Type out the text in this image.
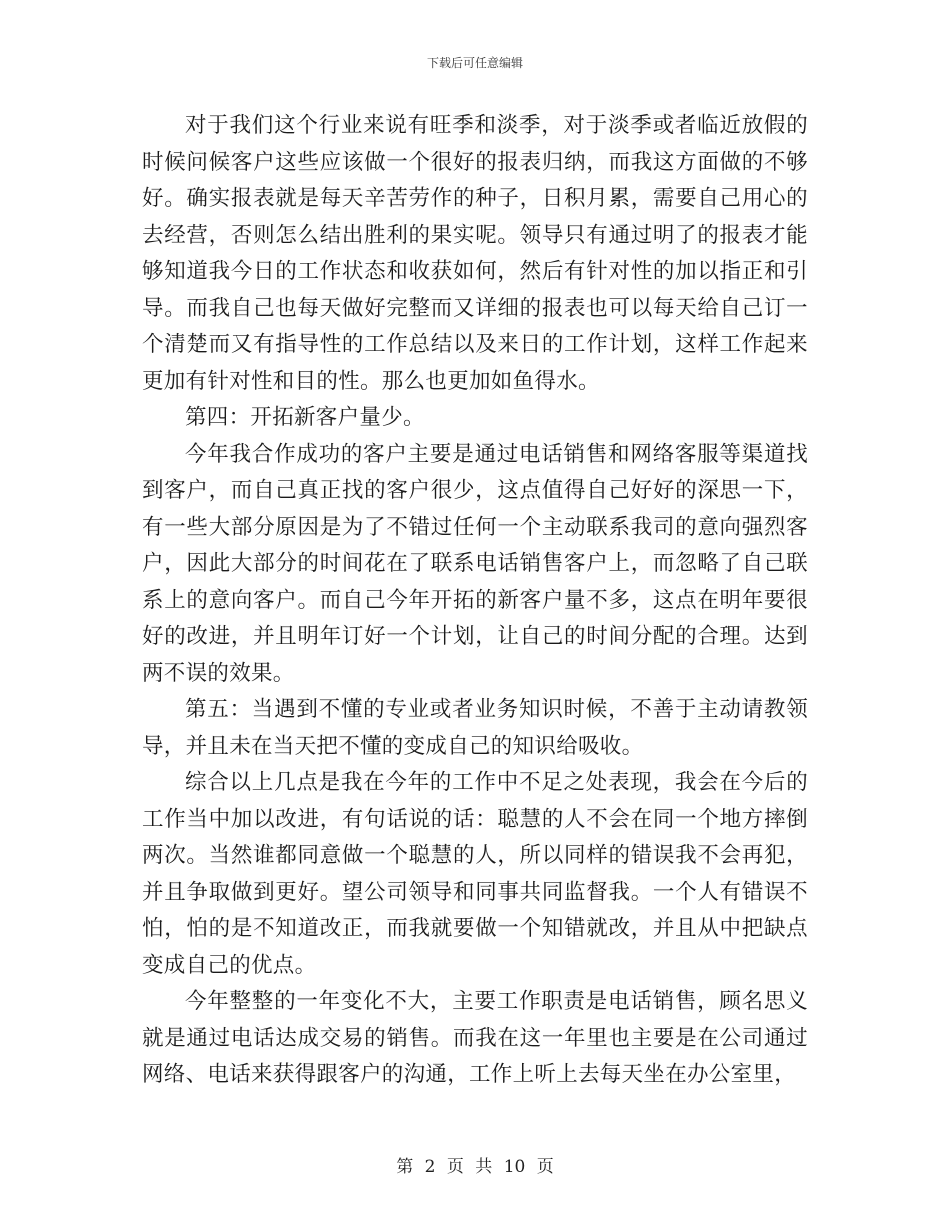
下载后可任意编辑

对于我们这个行业来说有旺季和淡季，对于淡季或者临近放假的时候问候客户这些应该做一个很好的报表归纳，而我这方面做的不够好。确实报表就是每天辛苦劳作的种子，日积月累，需要自己用心的去经营，否则怎么结出胜利的果实呢。领导只有通过明了的报表才能够知道我今日的工作状态和收获如何，然后有针对性的加以指正和引导。而我自己也每天做好完整而又详细的报表也可以每天给自己订一个清楚而又有指导性的工作总结以及来日的工作计划，这样工作起来更加有针对性和目的性。那么也更加如鱼得水。

第四：开拓新客户量少。

今年我合作成功的客户主要是通过电话销售和网络客服等渠道找到客户，而自己真正找的客户很少，这点值得自己好好的深思一下，有一些大部分原因是为了不错过任何一个主动联系我司的意向强烈客户，因此大部分的时间花在了联系电话销售客户上，而忽略了自己联系上的意向客户。而自己今年开拓的新客户量不多，这点在明年要很好的改进，并且明年订好一个计划，让自己的时间分配的合理。达到两不误的效果。

第五：当遇到不懂的专业或者业务知识时候，不善于主动请教领导，并且未在当天把不懂的变成自己的知识给吸收。

综合以上几点是我在今年的工作中不足之处表现，我会在今后的工作当中加以改进，有句话说的话：聪慧的人不会在同一个地方摔倒两次。当然谁都同意做一个聪慧的人，所以同样的错误我不会再犯，并且争取做到更好。望公司领导和同事共同监督我。一个人有错误不怕，怕的是不知道改正，而我就要做一个知错就改，并且从中把缺点变成自己的优点。

今年整整的一年变化不大，主要工作职责是电话销售，顾名思义就是通过电话达成交易的销售。而我在这一年里也主要是在公司通过网络、电话来获得跟客户的沟通，工作上听上去每天坐在办公室里，

第 2 页 共 10 页
